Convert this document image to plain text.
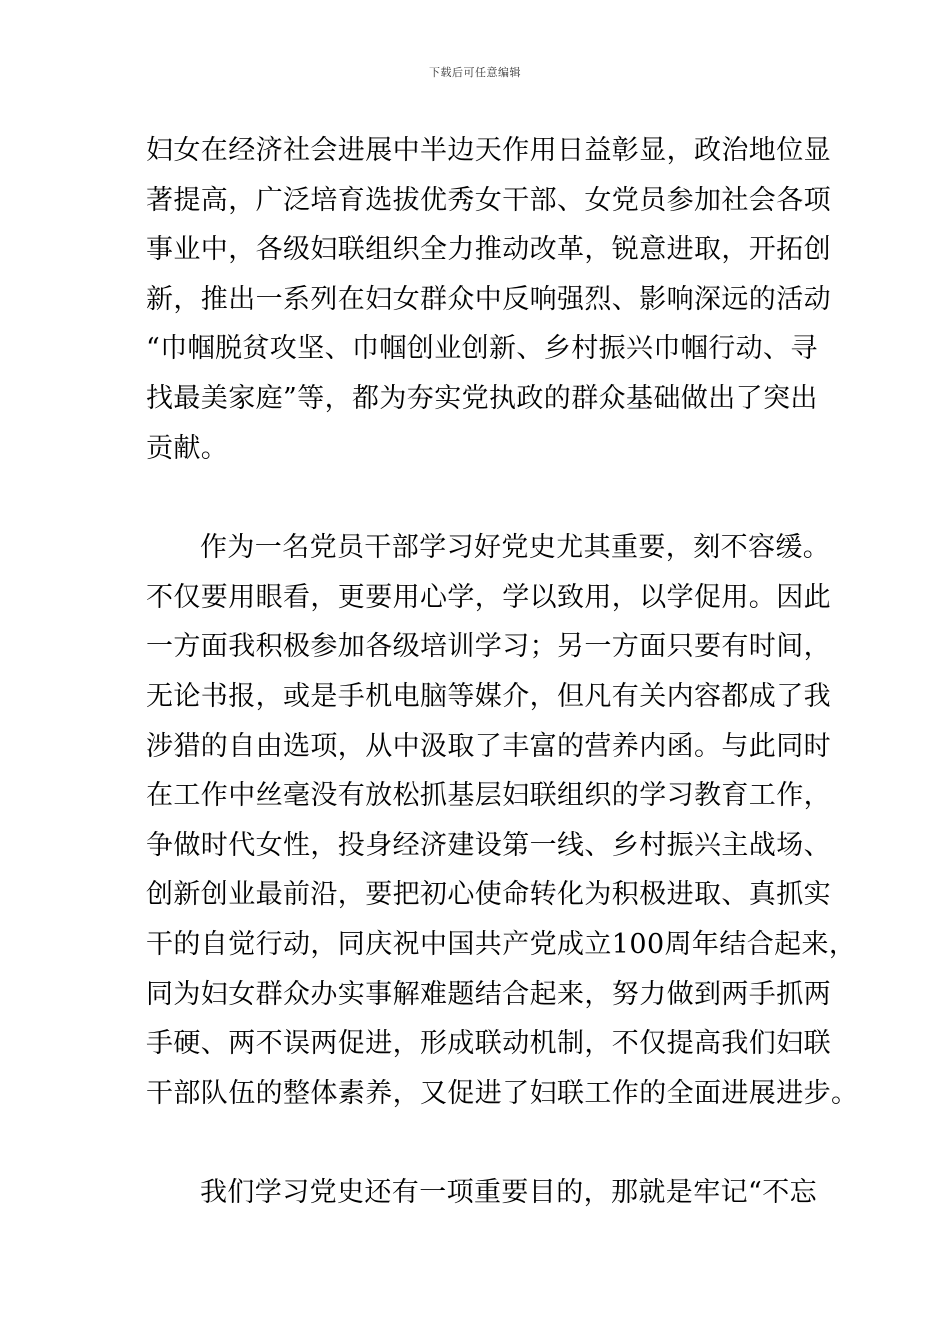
下载后可任意编辑
妇女在经济社会进展中半边天作用日益彰显，政治地位显
著提高，广泛培育选拔优秀女干部、女党员参加社会各项
事业中，各级妇联组织全力推动改革，锐意进取，开拓创
新，推出一系列在妇女群众中反响强烈、影响深远的活动
“巾帼脱贫攻坚、巾帼创业创新、乡村振兴巾帼行动、寻
找最美家庭”等，都为夯实党执政的群众基础做出了突出
贡献。
作为一名党员干部学习好党史尤其重要，刻不容缓。
不仅要用眼看，更要用心学，学以致用，以学促用。因此
一方面我积极参加各级培训学习；另一方面只要有时间，
无论书报，或是手机电脑等媒介，但凡有关内容都成了我
涉猎的自由选项，从中汲取了丰富的营养内函。与此同时
在工作中丝毫没有放松抓基层妇联组织的学习教育工作，
争做时代女性，投身经济建设第一线、乡村振兴主战场、
创新创业最前沿，要把初心使命转化为积极进取、真抓实
干的自觉行动，同庆祝中国共产党成立100周年结合起来，
同为妇女群众办实事解难题结合起来，努力做到两手抓两
手硬、两不误两促进，形成联动机制，不仅提高我们妇联
干部队伍的整体素养，又促进了妇联工作的全面进展进步。
我们学习党史还有一项重要目的，那就是牢记“不忘
